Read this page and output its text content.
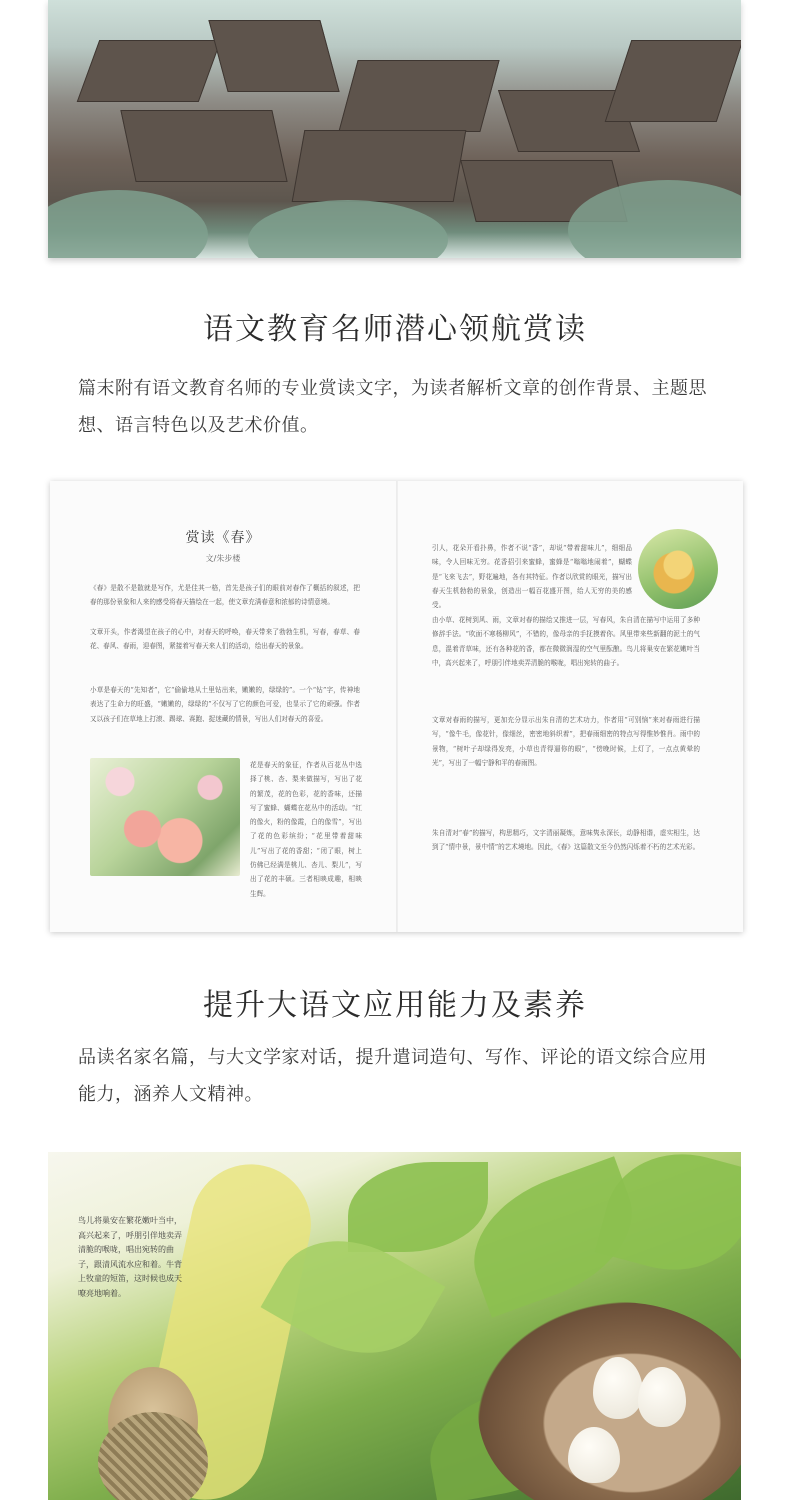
语文教育名师潜心领航赏读
篇末附有语文教育名师的专业赏读文字，为读者解析文章的创作背景、主题思想、语言特色以及艺术价值。
赏读《春》
文/朱步楼
《春》是散不是散就是写作，尤是佳其一格，首先是孩子们的眼前对春作了概括的叙述，把春的那份景象和人来的感受将春天描绘在一起，使文章充满春意和浓郁的诗情意境。
文章开头，作者渴望在孩子的心中，对春天的呼唤，春天带来了勃勃生机，写春，春草、春花、春风、春雨，迎春图，紧接着写春天来人们的活动，绘出春天的景象。
小草是春天的“先知者”，它“偷偷地从土里钻出来，嫩嫩的，绿绿的”。一个“钻”字，传神地表达了生命力的旺盛，“嫩嫩的，绿绿的”不仅写了它的颜色可爱，也显示了它的顽强。作者又以孩子们在草地上打滚、踢球、赛跑、捉迷藏的情景，写出人们对春天的喜爱。
花是春天的象征，作者从百花丛中选择了桃、杏、梨来做描写，写出了花的繁茂，花的色彩，花的香味，还描写了蜜蜂、蝴蝶在花丛中的活动。“红的像火，粉的像霞，白的像雪”，写出了花的色彩缤纷；“花里带着甜味儿”写出了花的香甜；“闭了眼，树上仿佛已经满是桃儿、杏儿、梨儿”，写出了花的丰硕。三者相映成趣，相映生辉。
引人，花朵开看扑鼻，作者不说“香”，却说“带着甜味儿”，细细品味，令人回味无穷。花香招引来蜜蜂，蜜蜂是“嗡嗡地闹着”，蝴蝶是“飞来飞去”，野花遍地，各有其特征。作者以欣赏的眼光，描写出春天生机勃勃的景象，创造出一幅百花盛开图，给人无穷的美的感受。
由小草、花树到风、雨，文章对春的描绘又推进一层，写春风，朱自清在描写中运用了多种修辞手法。“吹面不寒杨柳风”，不错的，像母亲的手抚摸着你。风里带来些新翻的泥土的气息，混着青草味，还有各种花的香，都在微微润湿的空气里酝酿。鸟儿将巢安在繁花嫩叶当中，高兴起来了，呼朋引伴地卖弄清脆的喉咙，唱出宛转的曲子。
文章对春雨的描写，更加充分显示出朱自清的艺术功力，作者用“可别恼”来对春雨进行描写，“像牛毛，像花针，像细丝，密密地斜织着”，把春雨细密的特点写得惟妙惟肖。雨中的景物，“树叶子却绿得发亮，小草也青得逼你的眼”，“傍晚时候，上灯了，一点点黄晕的光”，写出了一幅宁静和平的春雨图。
朱自清对“春”的描写，构思精巧，文字清丽凝炼，意味隽永深长，动静相谐，虚实相生，达到了“情中景，景中情”的艺术境地。因此，《春》这篇散文至今仍然闪烁着不朽的艺术光彩。
提升大语文应用能力及素养
品读名家名篇，与大文学家对话，提升遣词造句、写作、评论的语文综合应用能力，涵养人文精神。
鸟儿将巢安在繁花嫩叶当中，高兴起来了，呼朋引伴地卖弄清脆的喉咙，唱出宛转的曲子，跟清风流水应和着。牛背上牧童的短笛，这时候也成天嘹亮地响着。
